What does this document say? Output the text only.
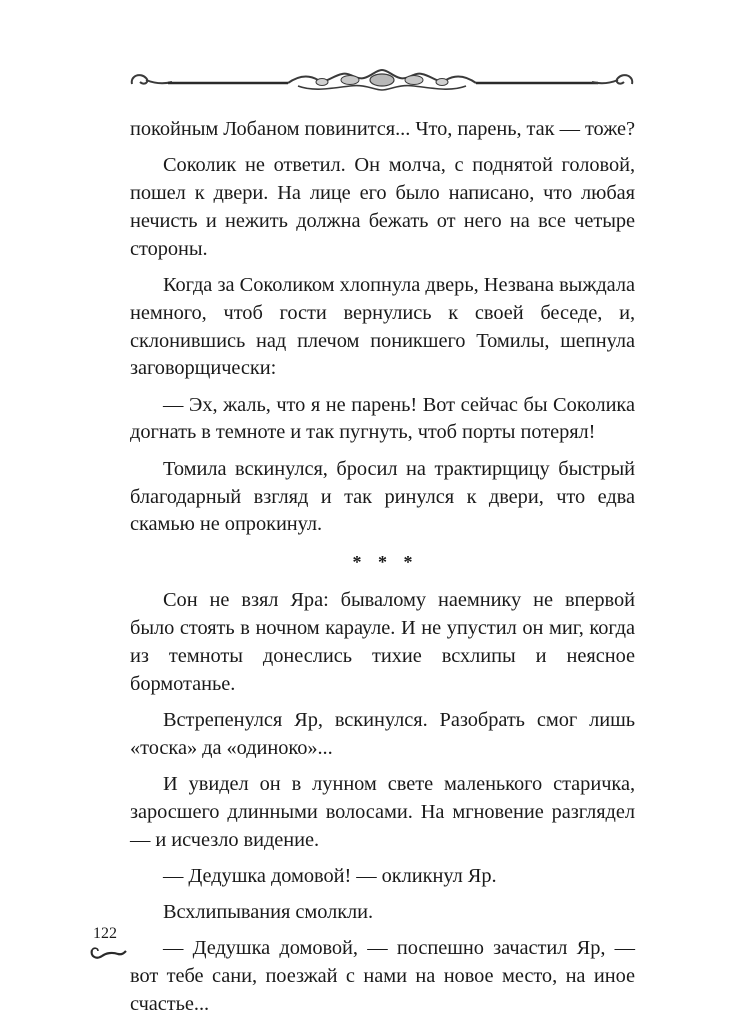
покойным Лобаном повинится... Что, парень, так — тоже?

Соколик не ответил. Он молча, с поднятой головой, пошел к двери. На лице его было написано, что любая нечисть и нежить должна бежать от него на все четыре стороны.

Когда за Соколиком хлопнула дверь, Незвана выждала немного, чтоб гости вернулись к своей беседе, и, склонившись над плечом поникшего Томилы, шепнула заговорщически:

— Эх, жаль, что я не парень! Вот сейчас бы Соколика догнать в темноте и так пугнуть, чтоб порты потерял!

Томила вскинулся, бросил на трактирщицу быстрый благодарный взгляд и так ринулся к двери, что едва скамью не опрокинул.

* * *

Сон не взял Яра: бывалому наемнику не впервой было стоять в ночном карауле. И не упустил он миг, когда из темноты донеслись тихие всхлипы и неясное бормотанье.

Встрепенулся Яр, вскинулся. Разобрать смог лишь «тоска» да «одиноко»...

И увидел он в лунном свете маленького старичка, заросшего длинными волосами. На мгновение разглядел — и исчезло видение.

— Дедушка домовой! — окликнул Яр.

Всхлипывания смолкли.

— Дедушка домовой, — поспешно зачастил Яр, — вот тебе сани, поезжай с нами на новое место, на иное счастье...

122
